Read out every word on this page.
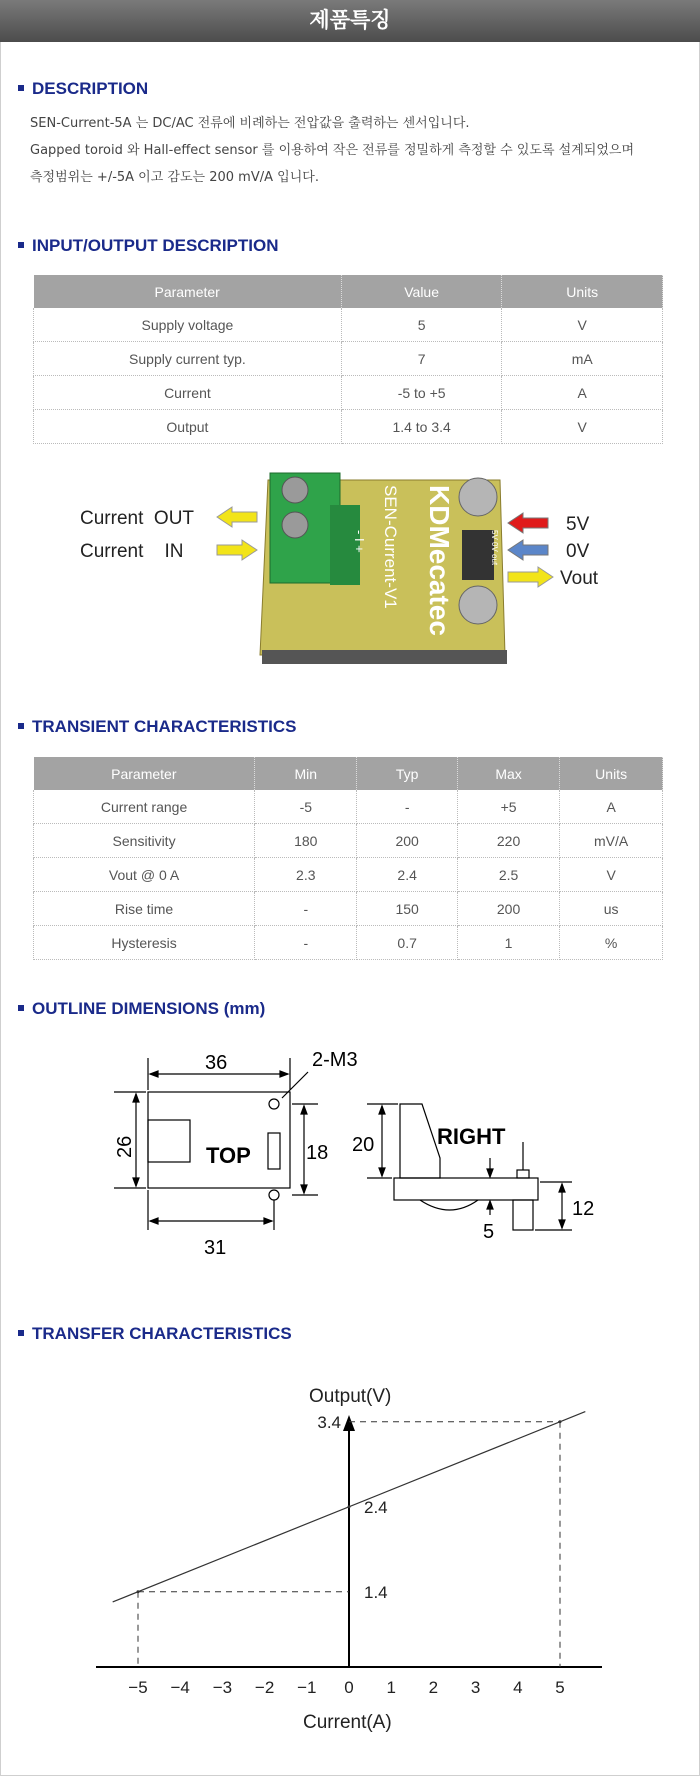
제품특징
DESCRIPTION
SEN-Current-5A 는 DC/AC 전류에 비례하는 전압값을 출력하는 센서입니다.
Gapped toroid 와 Hall-effect sensor 를 이용하여 작은 전류를 정밀하게 측정할 수 있도록 설계되었으며
측정범위는 +/-5A 이고 감도는 200 mV/A 입니다.
INPUT/OUTPUT DESCRIPTION
Parameter	Value	Units
Supply voltage	5	V
Supply current typ.	7	mA
Current	-5 to +5	A
Output	1.4 to 3.4	V
KDMecatec
SEN-Current-V1
- I +	5V 0V out
Current  OUT
Current    IN
5V
0V
Vout
TRANSIENT CHARACTERISTICS
Parameter	Min	Typ	Max	Units
Current range	-5	-	+5	A
Sensitivity	180	200	220	mV/A
Vout @ 0 A	2.3	2.4	2.5	V
Rise time	-	150	200	us
Hysteresis	-	0.7	1	%
OUTLINE DIMENSIONS (mm)
36	2-M3
26	18
31
TOP	20	RIGHT
5
12
TRANSFER CHARACTERISTICS
Output(V)
Current(A)
−5 −4 −3 −2 −1 0 1 2 3 4 5
1.4
2.4
3.4
